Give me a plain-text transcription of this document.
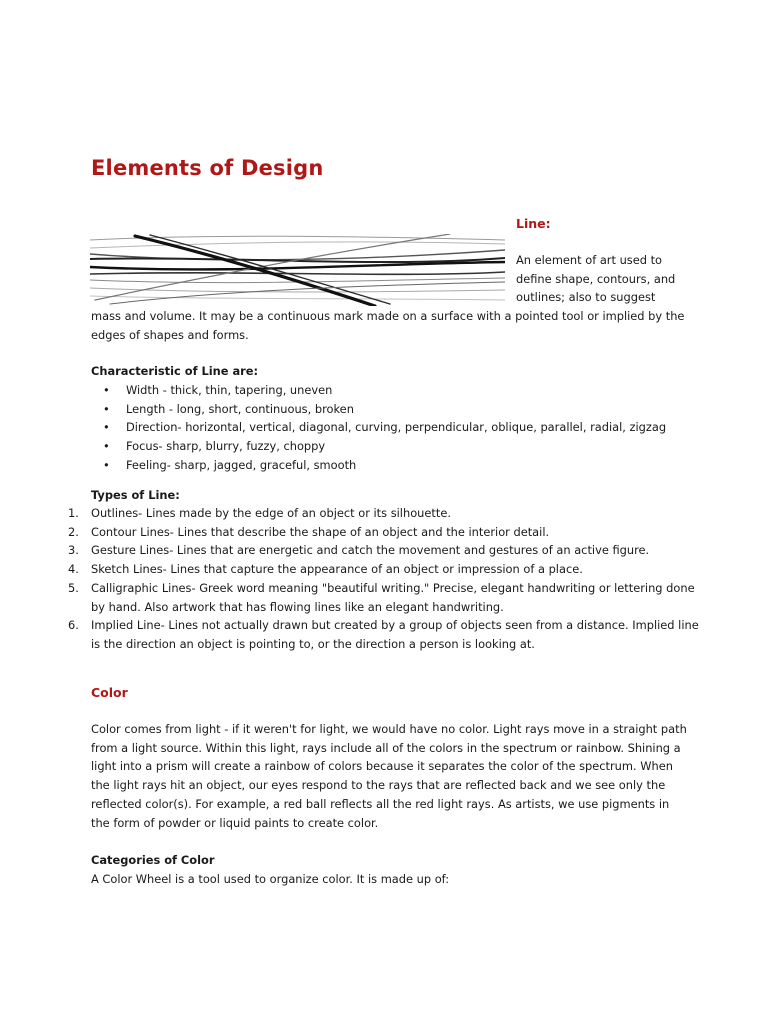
Elements of Design
Line:

An element of art used to define shape, contours, and outlines; also to suggest

mass and volume. It may be a continuous mark made on a surface with a pointed tool or implied by the edges of shapes and forms.

Characteristic of Line are:
• Width - thick, thin, tapering, uneven
• Length - long, short, continuous, broken
• Direction- horizontal, vertical, diagonal, curving, perpendicular, oblique, parallel, radial, zigzag
• Focus- sharp, blurry, fuzzy, choppy
• Feeling- sharp, jagged, graceful, smooth
Types of Line:
1. Outlines- Lines made by the edge of an object or its silhouette.
2. Contour Lines- Lines that describe the shape of an object and the interior detail.
3. Gesture Lines- Lines that are energetic and catch the movement and gestures of an active figure.
4. Sketch Lines- Lines that capture the appearance of an object or impression of a place.
5. Calligraphic Lines- Greek word meaning "beautiful writing." Precise, elegant handwriting or lettering done by hand. Also artwork that has flowing lines like an elegant handwriting.
6. Implied Line- Lines not actually drawn but created by a group of objects seen from a distance. Implied line is the direction an object is pointing to, or the direction a person is looking at.
Color

Color comes from light - if it weren't for light, we would have no color. Light rays move in a straight path from a light source. Within this light, rays include all of the colors in the spectrum or rainbow. Shining a light into a prism will create a rainbow of colors because it separates the color of the spectrum. When the light rays hit an object, our eyes respond to the rays that are reflected back and we see only the reflected color(s). For example, a red ball reflects all the red light rays. As artists, we use pigments in the form of powder or liquid paints to create color.

Categories of Color

A Color Wheel is a tool used to organize color. It is made up of:
